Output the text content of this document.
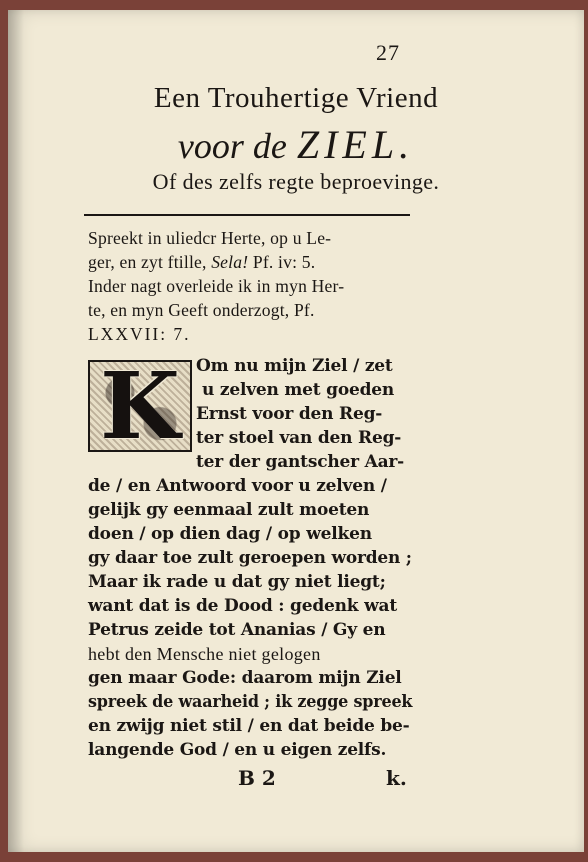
27
Een Trouhertige Vriend
voor de ZIEL.
Of des zelfs regte beproevinge.
Spreekt in uliedcr Herte, op u Le-
ger, en zyt ftille, Sela! Pf. iv: 5.
Inder nagt overleide ik in myn Her-
te, en myn Geeft onderzogt, Pf.
LXXVII: 7.
K Om nu mijn Ziel / zet
u zelven met goeden
Ernst voor den Reg-
ter stoel van den Reg-
ter der gantscher Aar-
de / en Antwoord voor u zelven /
gelijk gy eenmaal zult moeten
doen / op dien dag / op welken
gy daar toe zult geroepen worden ;
Maar ik rade u dat gy niet liegt;
want dat is de Dood : gedenk wat
Petrus zeide tot Ananias / Gy en
hebt den Mensche niet gelogen
gen maar Gode: daarom mijn Ziel
spreek de waarheid ; ik zegge spreek
en zwijg niet stil / en dat beide be-
langende God / en u eigen zelfs.
B 2	k.
